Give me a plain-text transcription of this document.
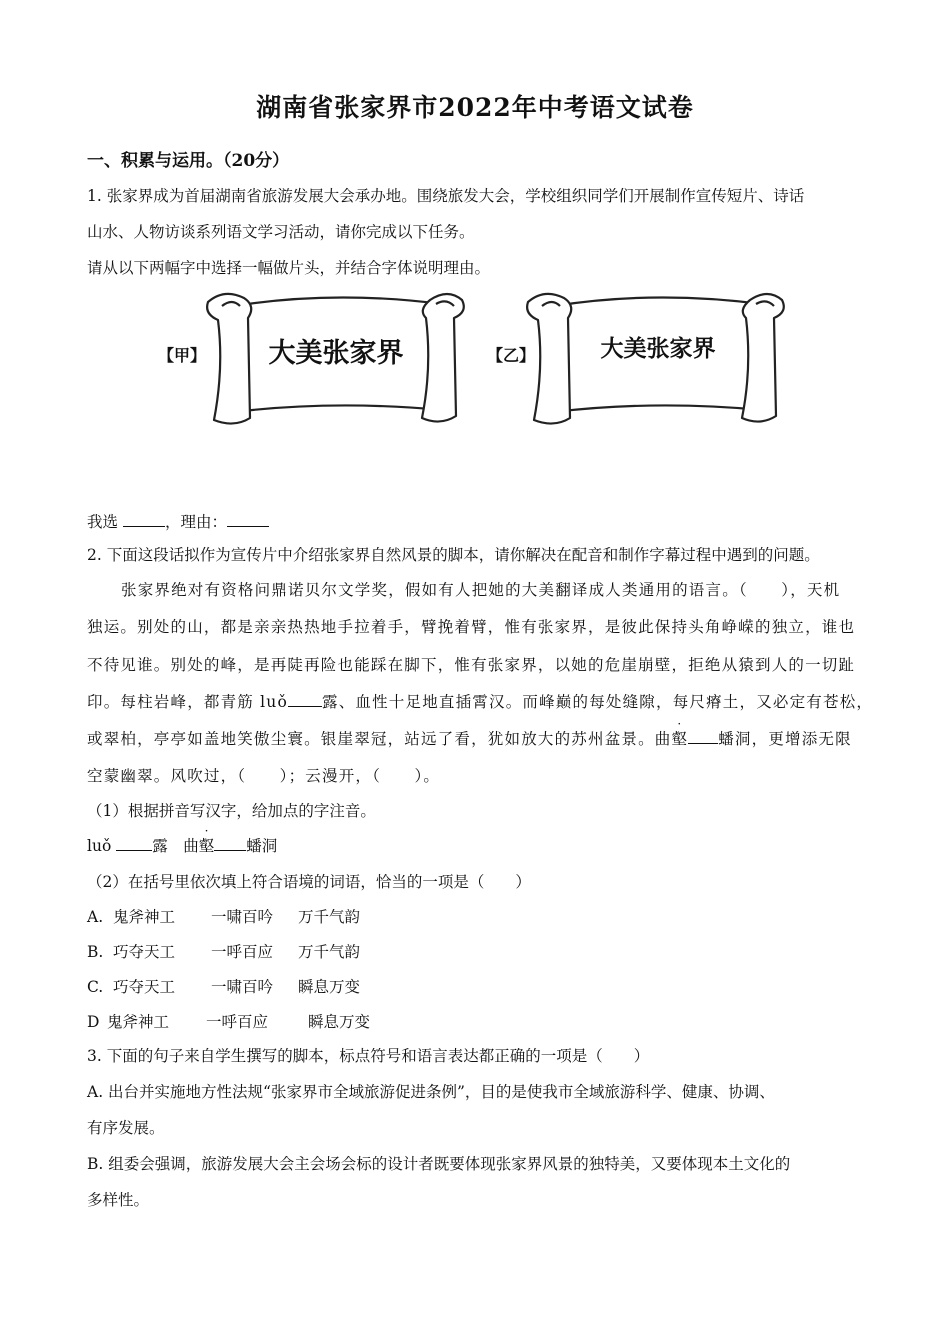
湖南省张家界市2022年中考语文试卷
一、积累与运用。（20分）
1. 张家界成为首届湖南省旅游发展大会承办地。围绕旅发大会，学校组织同学们开展制作宣传短片、诗话
山水、人物访谈系列语文学习活动，请你完成以下任务。
请从以下两幅字中选择一幅做片头，并结合字体说明理由。
【甲】 大美张家界	【乙】	大美张家界
我选	，理由：
2. 下面这段话拟作为宣传片中介绍张家界自然风景的脚本，请你解决在配音和制作字幕过程中遇到的问题。
张家界绝对有资格问鼎诺贝尔文学奖，假如有人把她的大美翻译成人类通用的语言。（　　），天机
独运。别处的山，都是亲亲热热地手拉着手，臂挽着臂，惟有张家界，是彼此保持头角峥嵘的独立，谁也
不待见谁。别处的峰，是再陡再险也能踩在脚下，惟有张家界，以她的危崖崩壁，拒绝从猿到人的一切趾
印。每柱岩峰，都青筋 luǒ 露、血性十足地直插霄汉。而峰巅的每处缝隙，每尺瘠土，又必定有苍松，
或翠柏，亭亭如盖地笑傲尘寰。银崖翠冠，站远了看，犹如放大的苏州盆景。曲
·
壑 蟠洞，更增添无限
空蒙幽翠。风吹过，（　　）；云漫开，（　　）。
（1）根据拼音写汉字，给加点的字注音。
luǒ	露　曲
·
壑 蟠洞
（2）在括号里依次填上符合语境的词语，恰当的一项是（　　）
A. 鬼斧神工 一啸百吟 万千气韵
B. 巧夺天工 一呼百应 万千气韵
C. 巧夺天工 一啸百吟 瞬息万变
D 鬼斧神工 一呼百应	瞬息万变
3. 下面的句子来自学生撰写的脚本，标点符号和语言表达都正确的一项是（　　）
A. 出台并实施地方性法规“张家界市全域旅游促进条例”，目的是使我市全域旅游科学、健康、协调、
有序发展。
B. 组委会强调，旅游发展大会主会场会标的设计者既要体现张家界风景的独特美，又要体现本土文化的
多样性。
